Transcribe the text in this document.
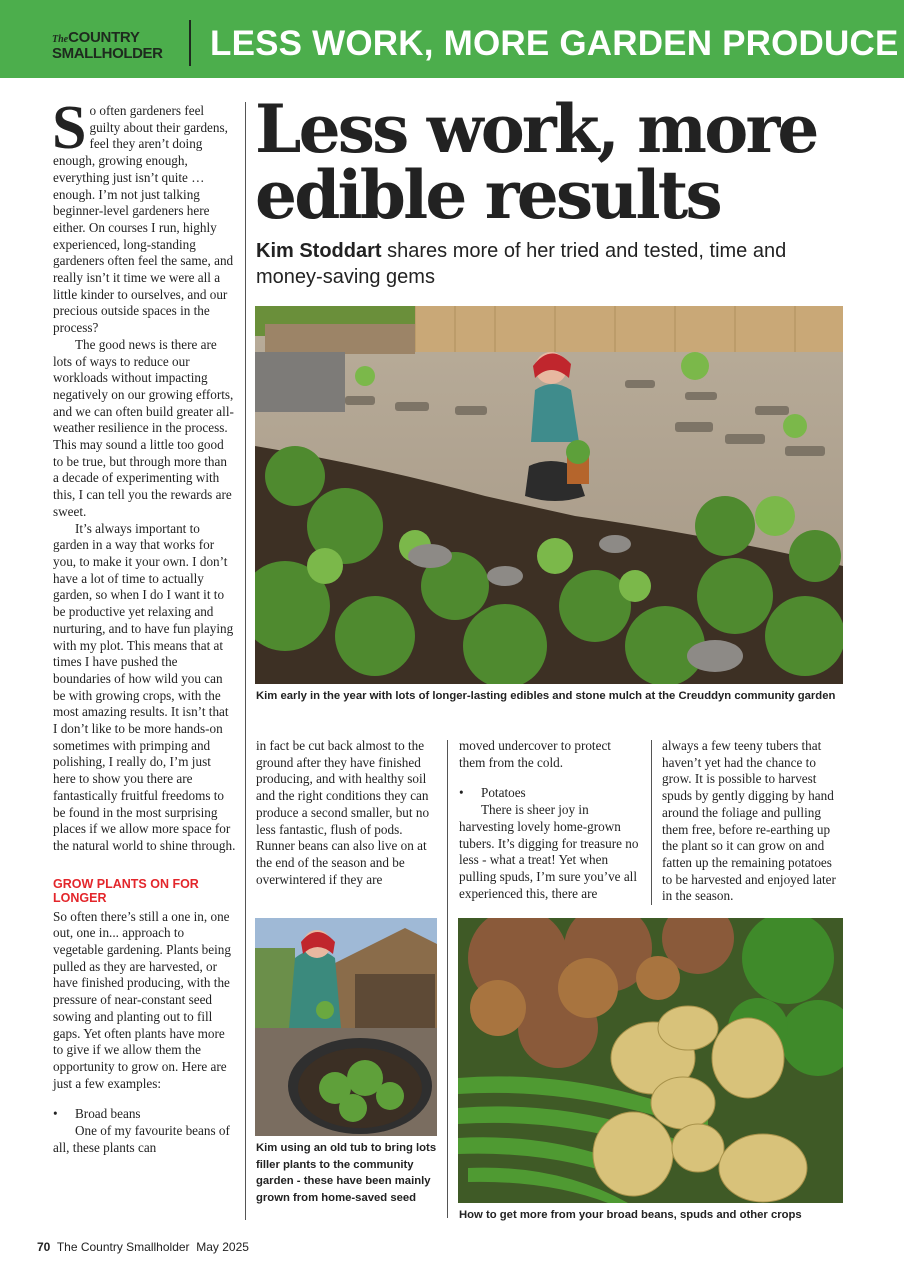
TheCOUNTRY
SMALLHOLDER LESS WORK, MORE GARDEN PRODUCE

So often gardeners feel guilty about their gardens, feel they aren’t doing enough, growing enough, everything just isn’t quite … enough. I’m not just talking beginner-level gardeners here either. On courses I run, highly experienced, long-standing gardeners often feel the same, and really isn’t it time we were all a little kinder to ourselves, and our precious outside spaces in the process?

The good news is there are lots of ways to reduce our workloads without impacting negatively on our growing efforts, and we can often build greater all-weather resilience in the process. This may sound a little too good to be true, but through more than a decade of experimenting with this, I can tell you the rewards are sweet.

It’s always important to garden in a way that works for you, to make it your own. I don’t have a lot of time to actually garden, so when I do I want it to be productive yet relaxing and nurturing, and to have fun playing with my plot. This means that at times I have pushed the boundaries of how wild you can be with growing crops, with the most amazing results. It isn’t that I don’t like to be more hands-on sometimes with primping and polishing, I really do, I’m just here to show you there are fantastically fruitful freedoms to be found in the most surprising places if we allow more space for the natural world to shine through.

GROW PLANTS ON FOR LONGER

So often there’s still a one in, one out, one in... approach to vegetable gardening. Plants being pulled as they are harvested, or have finished producing, with the pressure of near-constant seed sowing and planting out to fill gaps. Yet often plants have more to give if we allow them the opportunity to grow on. Here are just a few examples:

• Broad beans

One of my favourite beans of all, these plants can

Less work, more
edible results
Kim Stoddart shares more of her tried and tested, time and money-saving gems
Kim early in the year with lots of longer-lasting edibles and stone mulch at the Creuddyn community garden

in fact be cut back almost to the ground after they have finished producing, and with healthy soil and the right conditions they can produce a second smaller, but no less fantastic, flush of pods. Runner beans can also live on at the end of the season and be overwintered if they are

moved undercover to protect them from the cold.

• Potatoes

There is sheer joy in harvesting lovely home-grown tubers. It’s digging for treasure no less - what a treat! Yet when pulling spuds, I’m sure you’ve all experienced this, there are

always a few teeny tubers that haven’t yet had the chance to grow. It is possible to harvest spuds by gently digging by hand around the foliage and pulling them free, before re-earthing up the plant so it can grow on and fatten up the remaining potatoes to be harvested and enjoyed later in the season.

Kim using an old tub to bring lots filler plants to the community garden - these have been mainly grown from home-saved seed
How to get more from your broad beans, spuds and other crops
70 The Country Smallholder May 2025
